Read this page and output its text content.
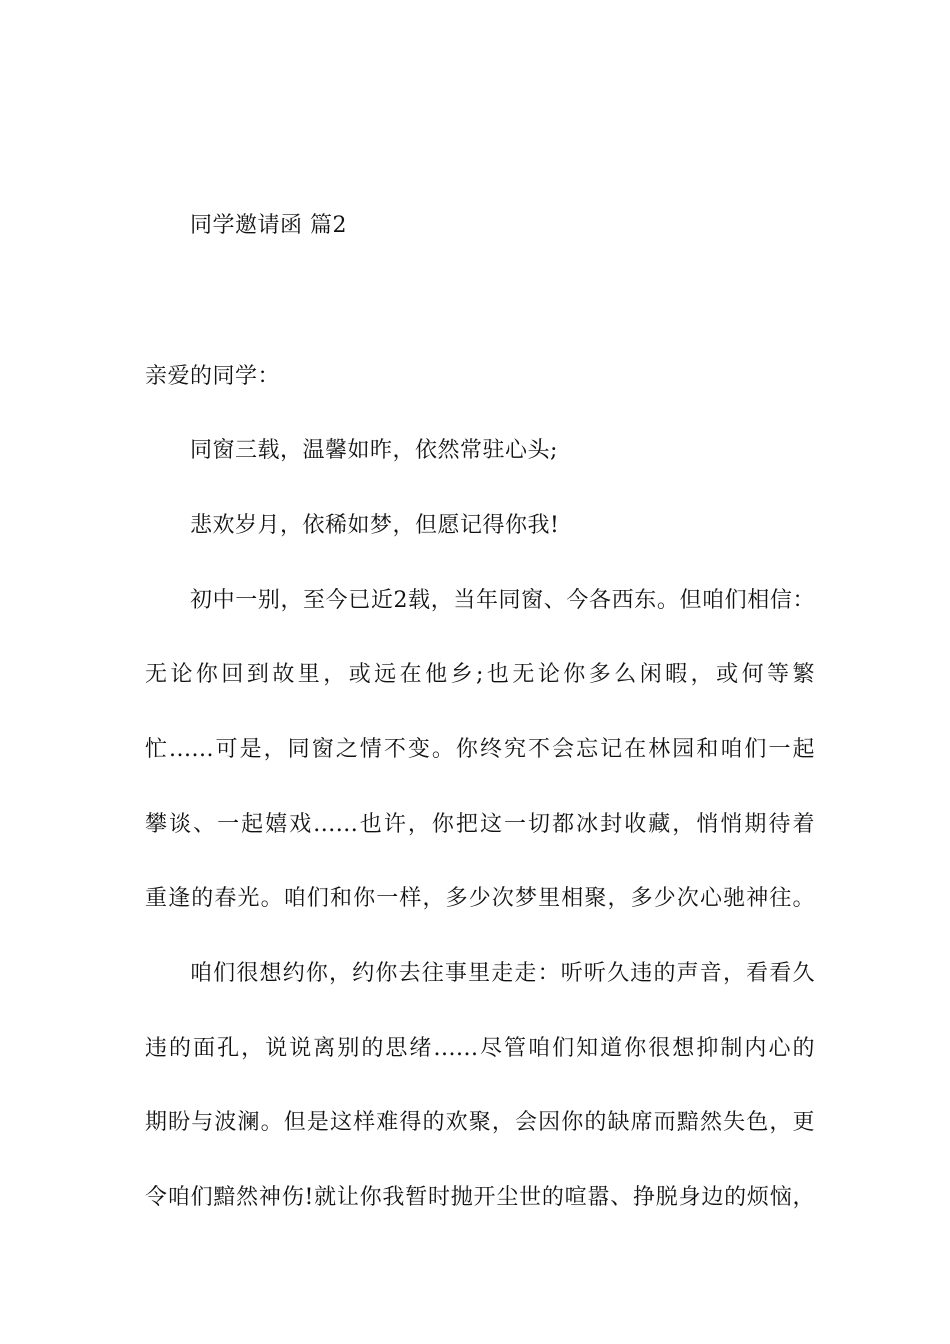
同学邀请函 篇2
亲爱的同学：
同窗三载，温馨如昨，依然常驻心头;
悲欢岁月，依稀如梦，但愿记得你我!
初中一别，至今已近2载，当年同窗、今各西东。但咱们相信：
无论你回到故里，或远在他乡;也无论你多么闲暇，或何等繁
忙......可是，同窗之情不变。你终究不会忘记在林园和咱们一起
攀谈、一起嬉戏......也许，你把这一切都冰封收藏，悄悄期待着
重逢的春光。咱们和你一样，多少次梦里相聚，多少次心驰神往。
咱们很想约你，约你去往事里走走：听听久违的声音，看看久
违的面孔，说说离别的思绪......尽管咱们知道你很想抑制内心的
期盼与波澜。但是这样难得的欢聚，会因你的缺席而黯然失色，更
令咱们黯然神伤!就让你我暂时抛开尘世的喧嚣、挣脱身边的烦恼，
